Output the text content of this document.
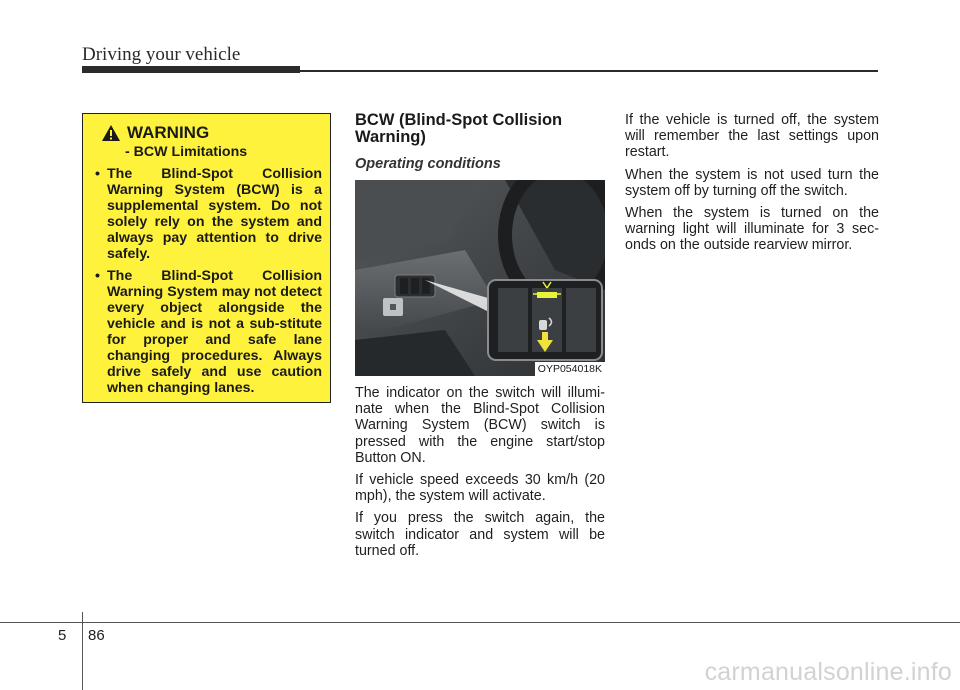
Driving your vehicle
WARNING
- BCW Limitations
• The Blind-Spot Collision Warning System (BCW) is a supplemental system. Do not solely rely on the system and always pay attention to drive safely.
• The Blind-Spot Collision Warning System may not detect every object alongside the vehicle and is not a sub-stitute for proper and safe lane changing procedures. Always drive safely and use caution when changing lanes.
BCW (Blind-Spot Collision Warning)
Operating conditions
OYP054018K

The indicator on the switch will illumi-nate when the Blind-Spot Collision Warning System (BCW) switch is pressed with the engine start/stop Button ON.

If vehicle speed exceeds 30 km/h (20 mph), the system will activate.

If you press the switch again, the switch indicator and system will be turned off.

If the vehicle is turned off, the system will remember the last settings upon restart.

When the system is not used turn the system off by turning off the switch.

When the system is turned on the warning light will illuminate for 3 sec-onds on the outside rearview mirror.

5 86
carmanualsonline.info
